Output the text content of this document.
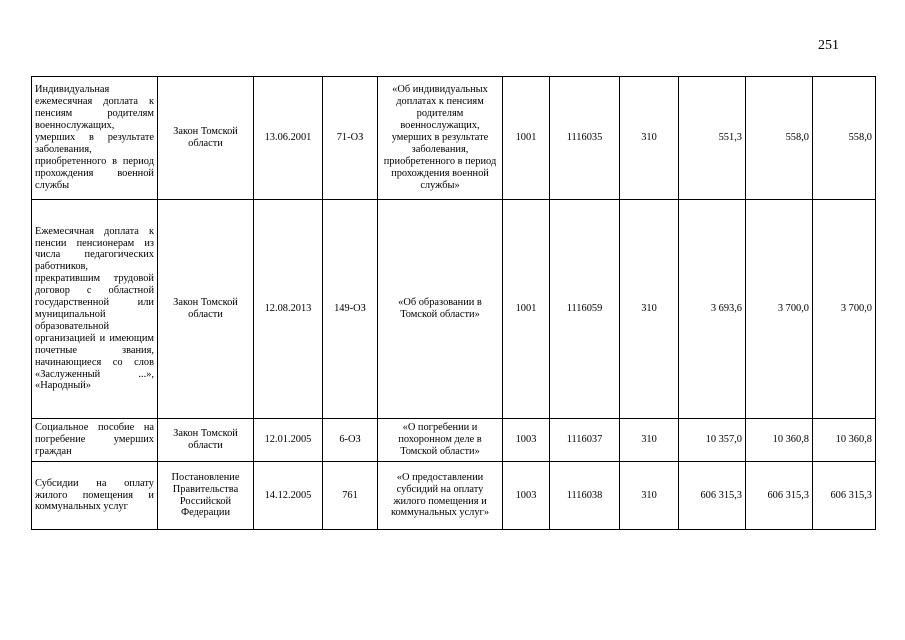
251
Индивидуальная ежемесячная доплата к пенсиям родителям военнослужащих, умерших в результате заболевания, приобретенного в период прохождения военной службы	Закон Томской области	13.06.2001	71-ОЗ	«Об индивидуальных доплатах к пенсиям родителям военнослужащих, умерших в результате заболевания, приобретенного в период прохождения военной службы»	1001	1116035	310	551,3	558,0	558,0
Ежемесячная доплата к пенсии пенсионерам из числа педагогических работников, прекратившим трудовой договор с областной государственной или муниципальной образовательной организацией и имеющим почетные звания, начинающиеся со слов «Заслуженный ...», «Народный»	Закон Томской области	12.08.2013	149-ОЗ	«Об образовании в Томской области»	1001	1116059	310	3 693,6	3 700,0	3 700,0
Социальное пособие на погребение умерших граждан	Закон Томской области	12.01.2005	6-ОЗ	«О погребении и похоронном деле в Томской области»	1003	1116037	310	10 357,0	10 360,8	10 360,8
Субсидии на оплату жилого помещения и коммунальных услуг	Постановление Правительства Российской Федерации	14.12.2005	761	«О предоставлении субсидий на оплату жилого помещения и коммунальных услуг»	1003	1116038	310	606 315,3	606 315,3	606 315,3
